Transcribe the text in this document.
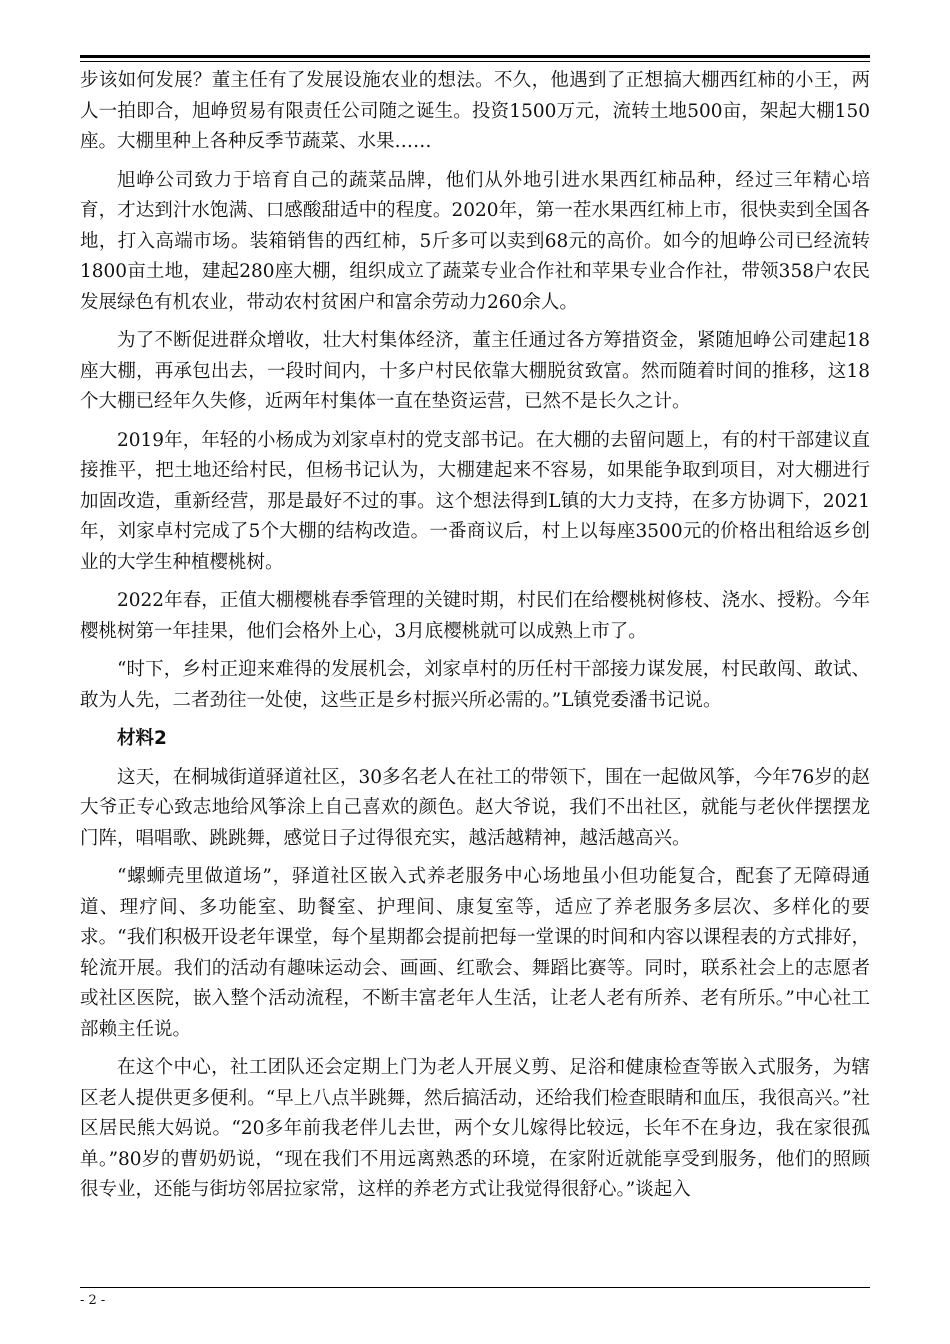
步该如何发展？董主任有了发展设施农业的想法。不久，他遇到了正想搞大棚西红柿的小王，两人一拍即合，旭峥贸易有限责任公司随之诞生。投资1500万元，流转土地500亩，架起大棚150座。大棚里种上各种反季节蔬菜、水果……

旭峥公司致力于培育自己的蔬菜品牌，他们从外地引进水果西红柿品种，经过三年精心培育，才达到汁水饱满、口感酸甜适中的程度。2020年，第一茬水果西红柿上市，很快卖到全国各地，打入高端市场。装箱销售的西红柿，5斤多可以卖到68元的高价。如今的旭峥公司已经流转1800亩土地，建起280座大棚，组织成立了蔬菜专业合作社和苹果专业合作社，带领358户农民发展绿色有机农业，带动农村贫困户和富余劳动力260余人。

为了不断促进群众增收，壮大村集体经济，董主任通过各方筹措资金，紧随旭峥公司建起18座大棚，再承包出去，一段时间内，十多户村民依靠大棚脱贫致富。然而随着时间的推移，这18个大棚已经年久失修，近两年村集体一直在垫资运营，已然不是长久之计。

2019年，年轻的小杨成为刘家卓村的党支部书记。在大棚的去留问题上，有的村干部建议直接推平，把土地还给村民，但杨书记认为，大棚建起来不容易，如果能争取到项目，对大棚进行加固改造，重新经营，那是最好不过的事。这个想法得到L镇的大力支持，在多方协调下，2021年，刘家卓村完成了5个大棚的结构改造。一番商议后，村上以每座3500元的价格出租给返乡创业的大学生种植樱桃树。

2022年春，正值大棚樱桃春季管理的关键时期，村民们在给樱桃树修枝、浇水、授粉。今年樱桃树第一年挂果，他们会格外上心，3月底樱桃就可以成熟上市了。

“时下，乡村正迎来难得的发展机会，刘家卓村的历任村干部接力谋发展，村民敢闯、敢试、敢为人先，二者劲往一处使，这些正是乡村振兴所必需的。”L镇党委潘书记说。

材料2

这天，在桐城街道驿道社区，30多名老人在社工的带领下，围在一起做风筝，今年76岁的赵大爷正专心致志地给风筝涂上自己喜欢的颜色。赵大爷说，我们不出社区，就能与老伙伴摆摆龙门阵，唱唱歌、跳跳舞，感觉日子过得很充实，越活越精神，越活越高兴。

“螺蛳壳里做道场”，驿道社区嵌入式养老服务中心场地虽小但功能复合，配套了无障碍通道、理疗间、多功能室、助餐室、护理间、康复室等，适应了养老服务多层次、多样化的要求。“我们积极开设老年课堂，每个星期都会提前把每一堂课的时间和内容以课程表的方式排好，轮流开展。我们的活动有趣味运动会、画画、红歌会、舞蹈比赛等。同时，联系社会上的志愿者或社区医院，嵌入整个活动流程，不断丰富老年人生活，让老人老有所养、老有所乐。”中心社工部赖主任说。

在这个中心，社工团队还会定期上门为老人开展义剪、足浴和健康检查等嵌入式服务，为辖区老人提供更多便利。“早上八点半跳舞，然后搞活动，还给我们检查眼睛和血压，我很高兴。”社区居民熊大妈说。“20多年前我老伴儿去世，两个女儿嫁得比较远，长年不在身边，我在家很孤单。”80岁的曹奶奶说，“现在我们不用远离熟悉的环境，在家附近就能享受到服务，他们的照顾很专业，还能与街坊邻居拉家常，这样的养老方式让我觉得很舒心。”谈起入

- 2 -
